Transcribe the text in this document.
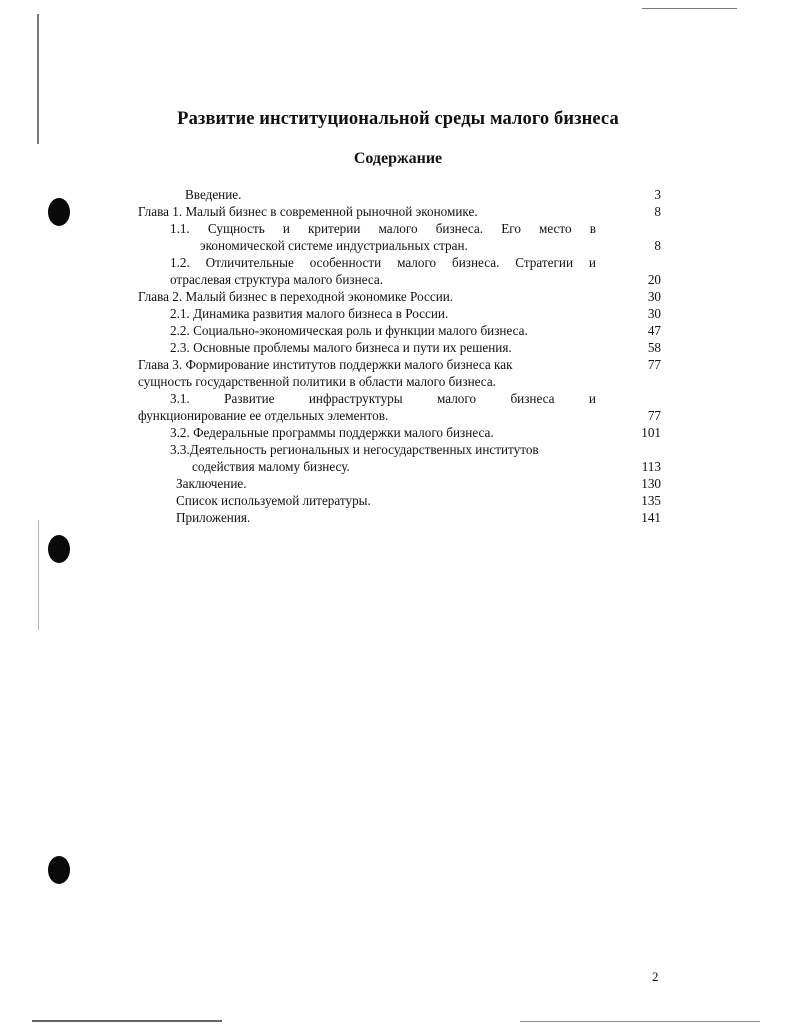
Развитие институциональной среды малого бизнеса
Содержание
Введение.	3
Глава 1. Малый бизнес в современной рыночной экономике.	8
1.1. Сущность и критерии малого бизнеса. Его место в
экономической системе индустриальных стран.	8
1.2. Отличительные особенности малого бизнеса. Стратегии и
отраслевая структура малого бизнеса.	20
Глава 2. Малый бизнес в переходной экономике России.	30
2.1. Динамика развития малого бизнеса в России.	30
2.2. Социально-экономическая роль и функции малого бизнеса.	47
2.3. Основные проблемы малого бизнеса и пути их решения.	58
Глава 3. Формирование институтов поддержки малого бизнеса как	77
сущность государственной политики в области малого бизнеса.
3.1.	Развитие	инфраструктуры	малого	бизнеса	и
функционирование ее отдельных элементов.	77
3.2. Федеральные программы поддержки малого бизнеса.	101
3.3.Деятельность региональных и негосударственных институтов
содействия малому бизнесу.	113
Заключение.	130
Список используемой литературы.	135
Приложения.	141
2
